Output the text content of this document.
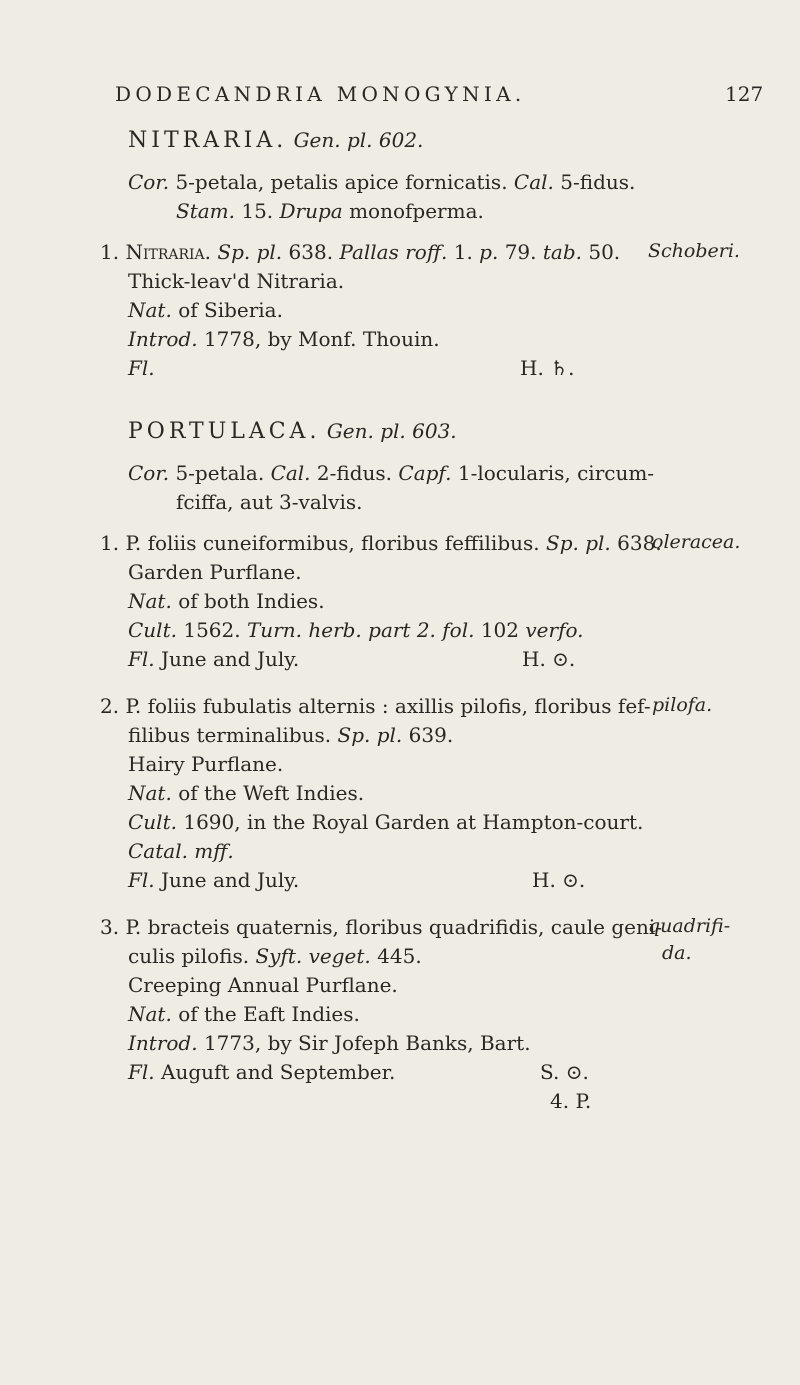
DODECANDRIA MONOGYNIA.	127
NITRARIA. Gen. pl. 602.
Cor. 5-petala, petalis apice fornicatis. Cal. 5-fidus.
Stam. 15. Drupa monofperma.
1. Nitraria. Sp. pl. 638. Pallas roff. 1. p. 79. tab. 50. Schoberi.
Thick-leav'd Nitraria.
Nat. of Siberia.
Introd. 1778, by Monf. Thouin.
Fl.	H. ♄.
PORTULACA. Gen. pl. 603.
Cor. 5-petala. Cal. 2-fidus. Capf. 1-locularis, circum-
fciffa, aut 3-valvis.
1. P. foliis cuneiformibus, floribus feffilibus. Sp. pl. 638.
oleracea.
Garden Purflane.
Nat. of both Indies.
Cult. 1562. Turn. herb. part 2. fol. 102 verfo.
Fl. June and July.	H. ⊙.
2. P. foliis fubulatis alternis : axillis pilofis, floribus fef- pilofa.
filibus terminalibus. Sp. pl. 639.
Hairy Purflane.
Nat. of the Weft Indies.
Cult. 1690, in the Royal Garden at Hampton-court.
Catal. mff.
Fl. June and July.	H. ⊙.
3. P. bracteis quaternis, floribus quadrifidis, caule geni-
quadrifi-
da.
culis pilofis. Syft. veget. 445.
Creeping Annual Purflane.
Nat. of the Eaft Indies.
Introd. 1773, by Sir Jofeph Banks, Bart.
Fl. Auguft and September.	S. ⊙.
4. P.
